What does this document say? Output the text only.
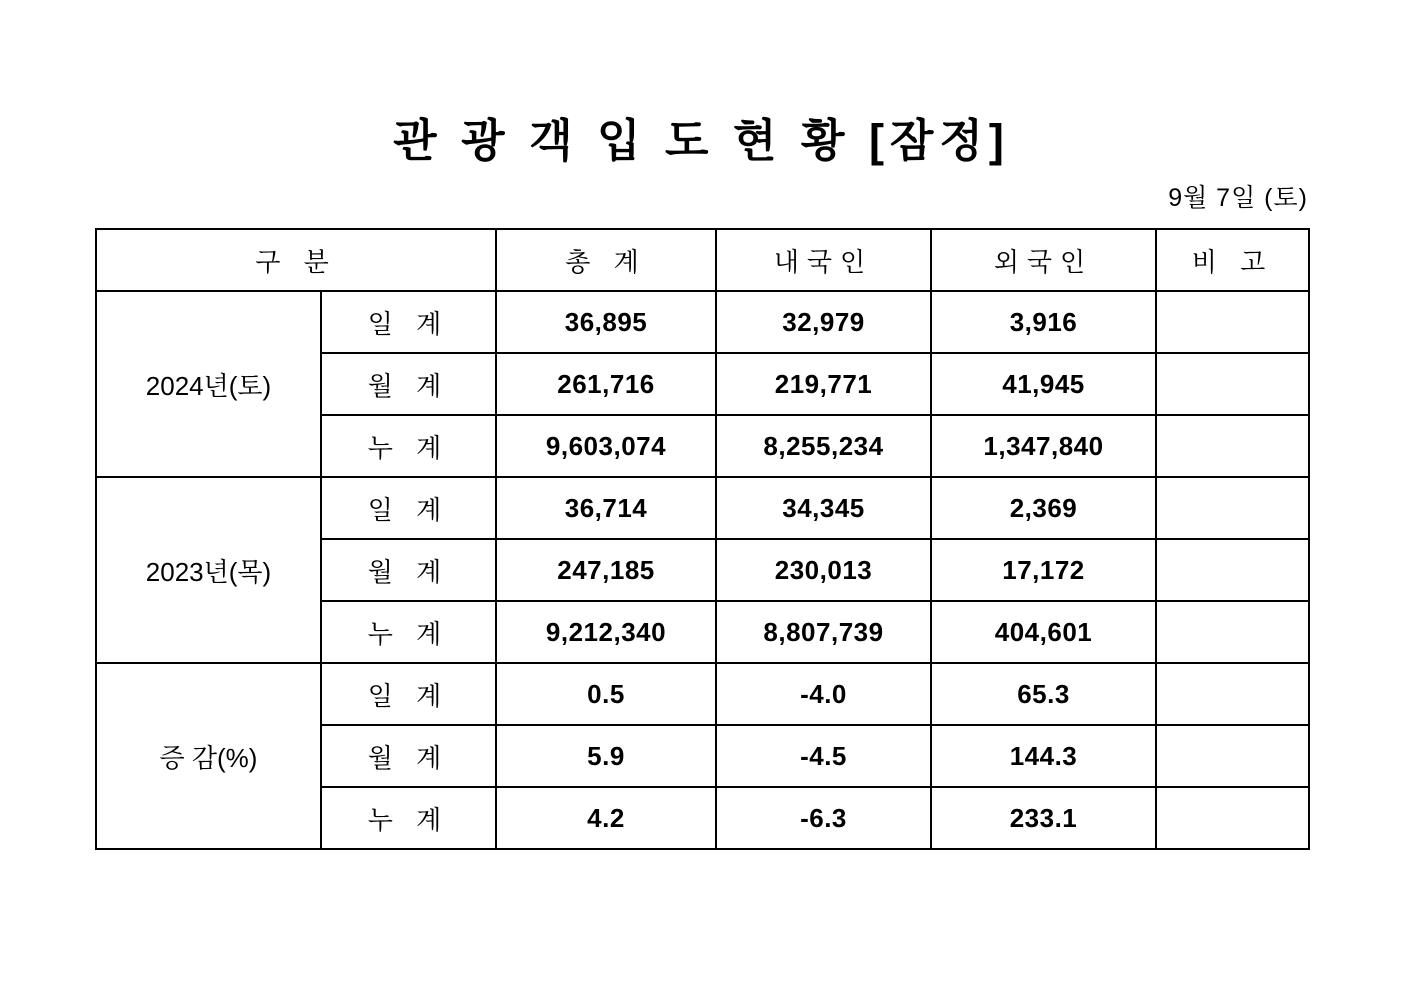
관 광 객 입 도 현 황 [잠정]
9월 7일 (토)
구 분		총 계	내국인	외국인	비 고
2024년(토)	일 계	36,895	32,979	3,916	
	월 계	261,716	219,771	41,945	
	누 계	9,603,074	8,255,234	1,347,840	
2023년(목)	일 계	36,714	34,345	2,369	
	월 계	247,185	230,013	17,172	
	누 계	9,212,340	8,807,739	404,601	
증 감(%)	일 계	0.5	-4.0	65.3	
	월 계	5.9	-4.5	144.3	
	누 계	4.2	-6.3	233.1	
